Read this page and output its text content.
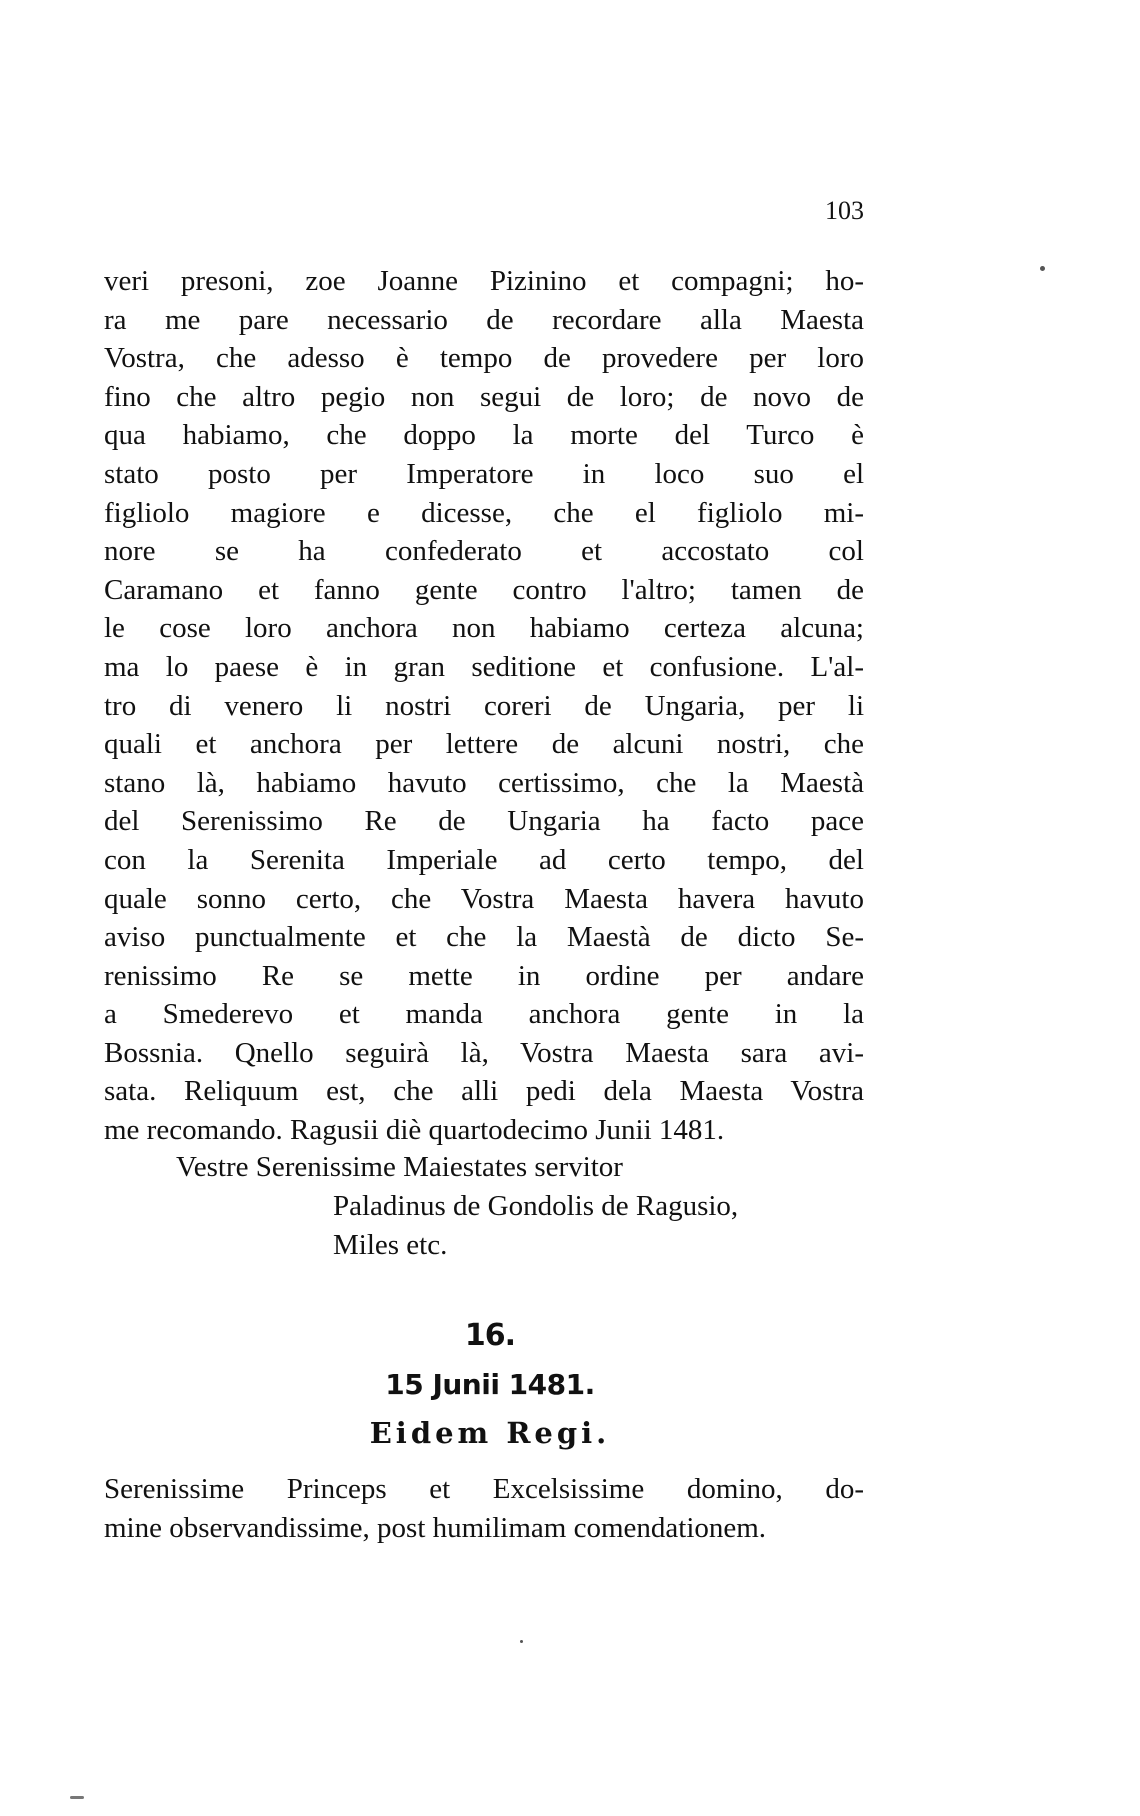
103
veri presoni, zoe Joanne Pizinino et compagni; ho-
ra me pare necessario de recordare alla Maesta
Vostra, che adesso è tempo de provedere per loro
fino che altro pegio non segui de loro; de novo de
qua habiamo, che doppo la morte del Turco è
stato posto per Imperatore in loco suo el
figliolo magiore e dicesse, che el figliolo mi-
nore se ha confederato et accostato col
Caramano et fanno gente contro l'altro; tamen de
le cose loro anchora non habiamo certeza alcuna;
ma lo paese è in gran seditione et confusione. L'al-
tro di venero li nostri coreri de Ungaria, per li
quali et anchora per lettere de alcuni nostri, che
stano là, habiamo havuto certissimo, che la Maestà
del Serenissimo Re de Ungaria ha facto pace
con la Serenita Imperiale ad certo tempo, del
quale sonno certo, che Vostra Maesta havera havuto
aviso punctualmente et che la Maestà de dicto Se-
renissimo Re se mette in ordine per andare
a Smederevo et manda anchora gente in la
Bossnia. Qnello seguirà là, Vostra Maesta sara avi-
sata. Reliquum est, che alli pedi dela Maesta Vostra
me recomando. Ragusii diè quartodecimo Junii 1481.
Vestre Serenissime Maiestates servitor
Paladinus de Gondolis de Ragusio,
Miles etc.
16.
15 Junii 1481.
Eidem Regi.
Serenissime Princeps et Excelsissime domino, do-
mine observandissime, post humilimam comendationem.
